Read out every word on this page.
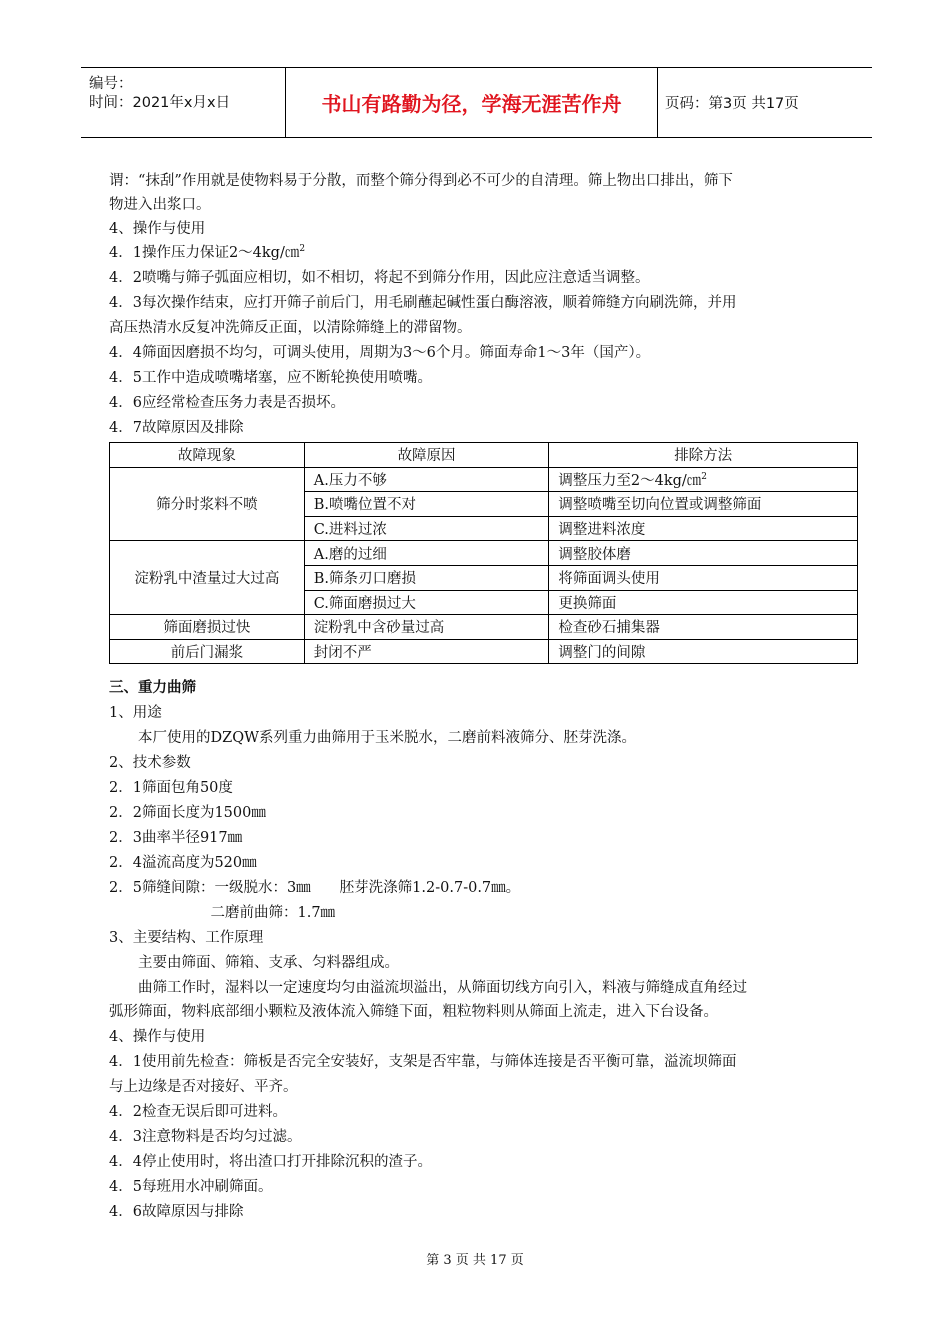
编号：
时间：2021年x月x日	书山有路勤为径，学海无涯苦作舟	页码：第3页 共17页
谓：“抹刮”作用就是使物料易于分散，而整个筛分得到必不可少的自清理。筛上物出口排出，筛下
物进入出浆口。
4、操作与使用
4．1操作压力保证2～4kg/㎝$^2$
4．2喷嘴与筛子弧面应相切，如不相切，将起不到筛分作用，因此应注意适当调整。
4．3每次操作结束，应打开筛子前后门，用毛刷蘸起碱性蛋白酶溶液，顺着筛缝方向刷洗筛，并用
高压热清水反复冲洗筛反正面，以清除筛缝上的滞留物。
4．4筛面因磨损不均匀，可调头使用，周期为3～6个月。筛面寿命1～3年（国产）。
4．5工作中造成喷嘴堵塞，应不断轮换使用喷嘴。
4．6应经常检查压务力表是否损坏。
4．7故障原因及排除
故障现象	故障原因	排除方法
筛分时浆料不喷	A.压力不够	调整压力至2～4kg/㎝$^2$
	B.喷嘴位置不对	调整喷嘴至切向位置或调整筛面
	C.进料过浓	调整进料浓度
淀粉乳中渣量过大过高	A.磨的过细	调整胶体磨
	B.筛条刃口磨损	将筛面调头使用
	C.筛面磨损过大	更换筛面
筛面磨损过快	淀粉乳中含砂量过高	检查砂石捕集器
前后门漏浆	封闭不严	调整门的间隙
三、重力曲筛
1、用途
　　本厂使用的DZQW系列重力曲筛用于玉米脱水，二磨前料液筛分、胚芽洗涤。
2、技术参数
2．1筛面包角50度
2．2筛面长度为1500㎜
2．3曲率半径917㎜
2．4溢流高度为520㎜
2．5筛缝间隙：一级脱水：3㎜　　胚芽洗涤筛1.2-0.7-0.7㎜。
　　　　　　　二磨前曲筛：1.7㎜
3、主要结构、工作原理
　　主要由筛面、筛箱、支承、匀料器组成。
　　曲筛工作时，湿料以一定速度均匀由溢流坝溢出，从筛面切线方向引入，料液与筛缝成直角经过
弧形筛面，物料底部细小颗粒及液体流入筛缝下面，粗粒物料则从筛面上流走，进入下台设备。
4、操作与使用
4．1使用前先检查：筛板是否完全安装好，支架是否牢靠，与筛体连接是否平衡可靠，溢流坝筛面
与上边缘是否对接好、平齐。
4．2检查无误后即可进料。
4．3注意物料是否均匀过滤。
4．4停止使用时，将出渣口打开排除沉积的渣子。
4．5每班用水冲刷筛面。
4．6故障原因与排除
第 3 页 共 17 页
